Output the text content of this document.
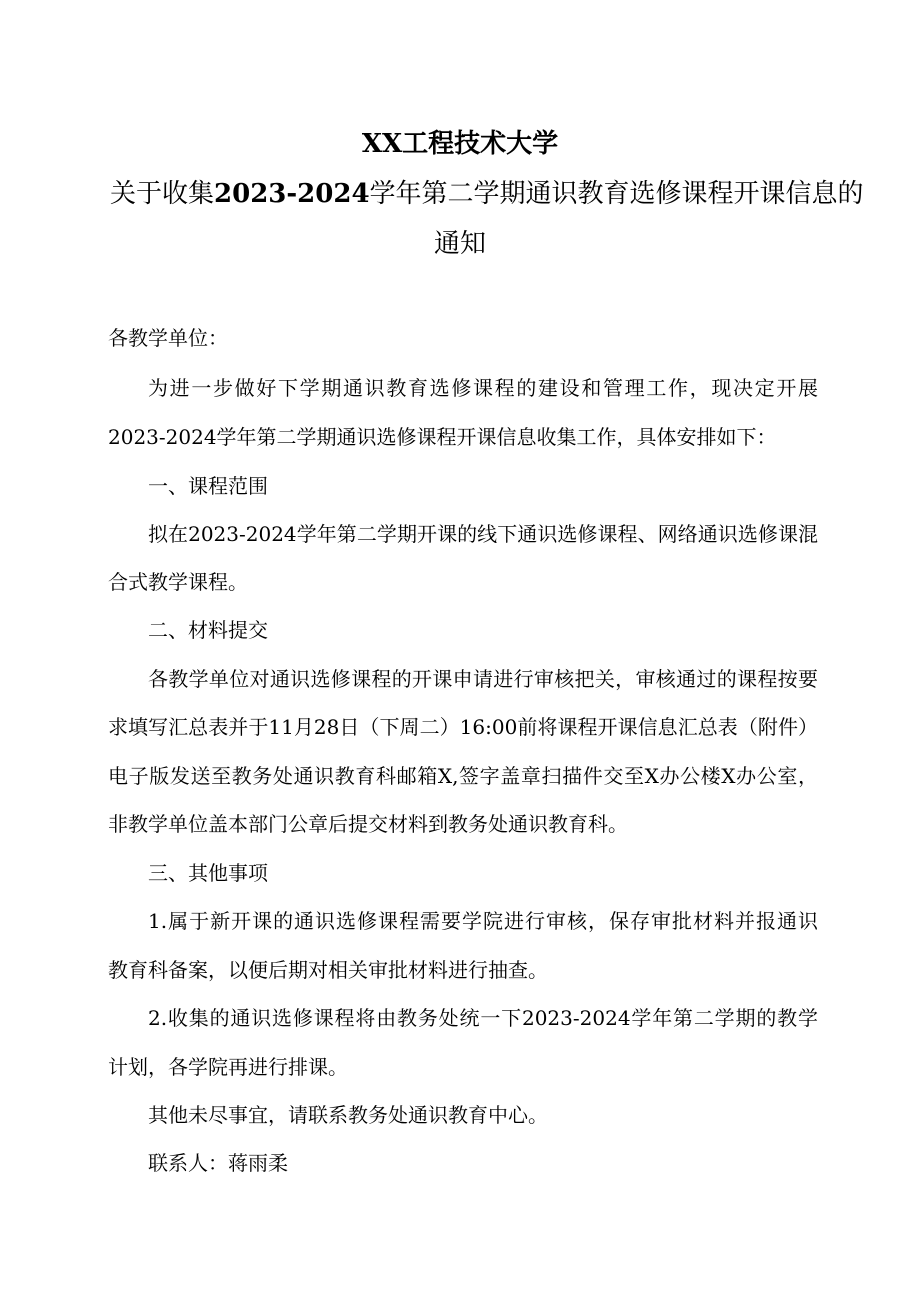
XX工程技术大学
关于收集2023-2024学年第二学期通识教育选修课程开课信息的
通知
各教学单位：
为进一步做好下学期通识教育选修课程的建设和管理工作，现决定开展
2023-2024学年第二学期通识选修课程开课信息收集工作，具体安排如下：
一、课程范围
拟在2023-2024学年第二学期开课的线下通识选修课程、网络通识选修课混
合式教学课程。
二、材料提交
各教学单位对通识选修课程的开课申请进行审核把关，审核通过的课程按要
求填写汇总表并于11月28日（下周二）16:00前将课程开课信息汇总表（附件）
电子版发送至教务处通识教育科邮箱X,签字盖章扫描件交至X办公楼X办公室，
非教学单位盖本部门公章后提交材料到教务处通识教育科。
三、其他事项
1.属于新开课的通识选修课程需要学院进行审核，保存审批材料并报通识
教育科备案，以便后期对相关审批材料进行抽查。
2.收集的通识选修课程将由教务处统一下2023-2024学年第二学期的教学
计划，各学院再进行排课。
其他未尽事宜，请联系教务处通识教育中心。
联系人：蒋雨柔
